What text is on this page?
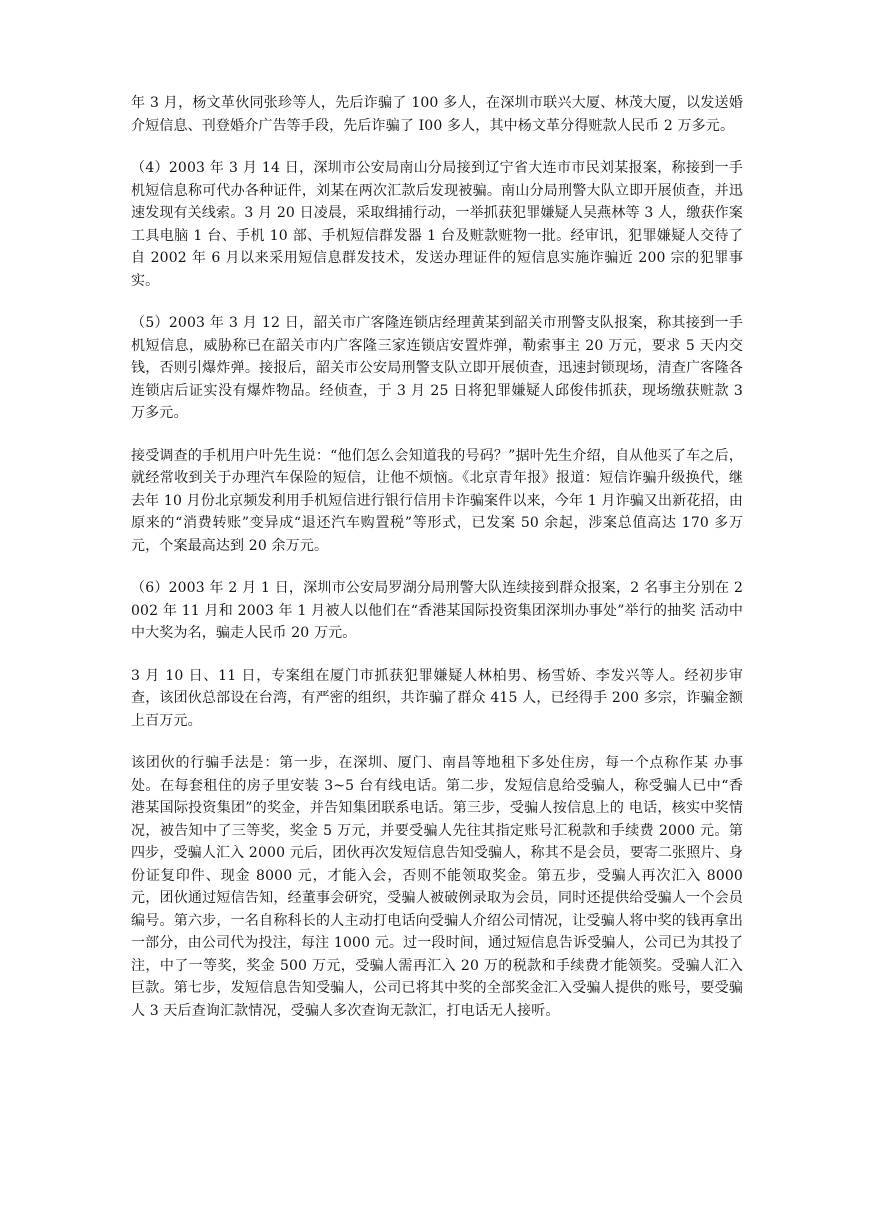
年 3 月，杨文革伙同张珍等人，先后诈骗了 100 多人，在深圳市联兴大厦、林茂大厦，以发送婚介短信息、刊登婚介广告等手段，先后诈骗了 I00 多人，其中杨文革分得赃款人民币 2 万多元。

（4）2003 年 3 月 14 日，深圳市公安局南山分局接到辽宁省大连市市民刘某报案，称接到一手机短信息称可代办各种证件，刘某在两次汇款后发现被骗。南山分局刑警大队立即开展侦查，并迅速发现有关线索。3 月 20 日凌晨，采取缉捕行动，一举抓获犯罪嫌疑人吴燕林等 3 人，缴获作案工具电脑 1 台、手机 10 部、手机短信群发器 1 台及赃款赃物一批。经审讯，犯罪嫌疑人交待了自 2002 年 6 月以来采用短信息群发技术，发送办理证件的短信息实施诈骗近 200 宗的犯罪事实。

（5）2003 年 3 月 12 日，韶关市广客隆连锁店经理黄某到韶关市刑警支队报案，称其接到一手机短信息，威胁称已在韶关市内广客隆三家连锁店安置炸弹，勒索事主 20 万元，要求 5 天内交钱，否则引爆炸弹。接报后，韶关市公安局刑警支队立即开展侦查，迅速封锁现场，清查广客隆各连锁店后证实没有爆炸物品。经侦查，于 3 月 25 日将犯罪嫌疑人邱俊伟抓获，现场缴获赃款 3 万多元。

接受调查的手机用户叶先生说：“他们怎么会知道我的号码？”据叶先生介绍，自从他买了车之后，就经常收到关于办理汽车保险的短信，让他不烦恼。《北京青年报》报道：短信诈骗升级换代，继去年 10 月份北京频发利用手机短信进行银行信用卡诈骗案件以来，今年 1 月诈骗又出新花招，由原来的“消费转账”变异成“退还汽车购置税”等形式，已发案 50 余起，涉案总值高达 170 多万元，个案最高达到 20 余万元。

（6）2003 年 2 月 1 日，深圳市公安局罗湖分局刑警大队连续接到群众报案，2 名事主分别在 2002 年 11 月和 2003 年 1 月被人以他们在“香港某国际投资集团深圳办事处”举行的抽奖 活动中中大奖为名，骗走人民币 20 万元。

3 月 10 日、11 日，专案组在厦门市抓获犯罪嫌疑人林柏男、杨雪娇、李发兴等人。经初步审查，该团伙总部设在台湾，有严密的组织，共诈骗了群众 415 人，已经得手 200 多宗，诈骗金额上百万元。

该团伙的行骗手法是：第一步，在深圳、厦门、南昌等地租下多处住房，每一个点称作某 办事处。在每套租住的房子里安装 3~5 台有线电话。第二步，发短信息给受骗人，称受骗人已中“香港某国际投资集团”的奖金，并告知集团联系电话。第三步，受骗人按信息上的 电话，核实中奖情况，被告知中了三等奖，奖金 5 万元，并要受骗人先往其指定账号汇税款和手续费 2000 元。第四步，受骗人汇入 2000 元后，团伙再次发短信息告知受骗人，称其不是会员，要寄二张照片、身份证复印件、现金 8000 元，才能入会，否则不能领取奖金。第五步，受骗人再次汇入 8000 元，团伙通过短信告知，经董事会研究，受骗人被破例录取为会员，同时还提供给受骗人一个会员编号。第六步，一名自称科长的人主动打电话向受骗人介绍公司情况，让受骗人将中奖的钱再拿出一部分，由公司代为投注，每注 1000 元。过一段时间，通过短信息告诉受骗人，公司已为其投了注，中了一等奖，奖金 500 万元，受骗人需再汇入 20 万的税款和手续费才能领奖。受骗人汇入巨款。第七步，发短信息告知受骗人，公司已将其中奖的全部奖金汇入受骗人提供的账号，要受骗人 3 天后查询汇款情况，受骗人多次查询无款汇，打电话无人接听。
